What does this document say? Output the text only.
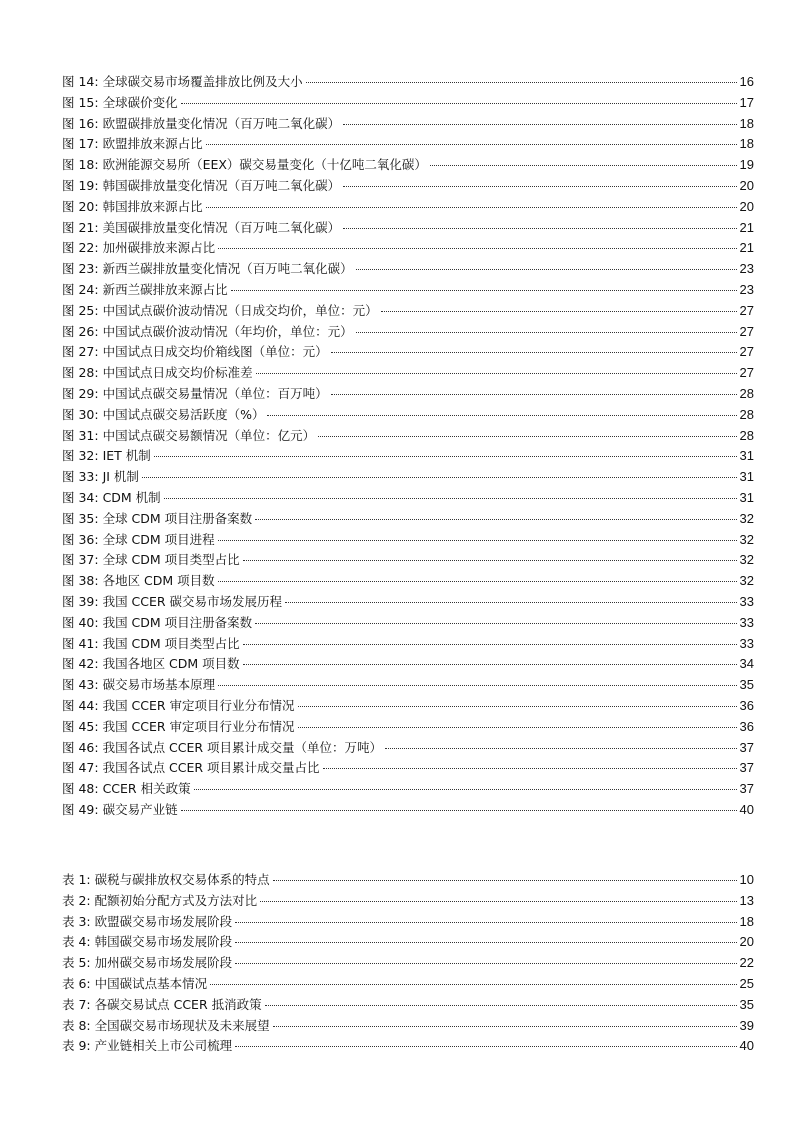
图 14: 全球碳交易市场覆盖排放比例及大小	16
图 15: 全球碳价变化	17
图 16: 欧盟碳排放量变化情况（百万吨二氧化碳）	18
图 17: 欧盟排放来源占比	18
图 18: 欧洲能源交易所（EEX）碳交易量变化（十亿吨二氧化碳）	19
图 19: 韩国碳排放量变化情况（百万吨二氧化碳）	20
图 20: 韩国排放来源占比	20
图 21: 美国碳排放量变化情况（百万吨二氧化碳）	21
图 22: 加州碳排放来源占比	21
图 23: 新西兰碳排放量变化情况（百万吨二氧化碳）	23
图 24: 新西兰碳排放来源占比	23
图 25: 中国试点碳价波动情况（日成交均价，单位：元）	27
图 26: 中国试点碳价波动情况（年均价，单位：元）	27
图 27: 中国试点日成交均价箱线图（单位：元）	27
图 28: 中国试点日成交均价标准差	27
图 29: 中国试点碳交易量情况（单位：百万吨）	28
图 30: 中国试点碳交易活跃度（%）	28
图 31: 中国试点碳交易额情况（单位：亿元）	28
图 32: IET 机制	31
图 33: JI 机制	31
图 34: CDM 机制	31
图 35: 全球 CDM 项目注册备案数	32
图 36: 全球 CDM 项目进程	32
图 37: 全球 CDM 项目类型占比	32
图 38: 各地区 CDM 项目数	32
图 39: 我国 CCER 碳交易市场发展历程	33
图 40: 我国 CDM 项目注册备案数	33
图 41: 我国 CDM 项目类型占比	33
图 42: 我国各地区 CDM 项目数	34
图 43: 碳交易市场基本原理	35
图 44: 我国 CCER 审定项目行业分布情况	36
图 45: 我国 CCER 审定项目行业分布情况	36
图 46: 我国各试点 CCER 项目累计成交量（单位：万吨）	37
图 47: 我国各试点 CCER 项目累计成交量占比	37
图 48: CCER 相关政策	37
图 49: 碳交易产业链	40
表 1: 碳税与碳排放权交易体系的特点	10
表 2: 配额初始分配方式及方法对比	13
表 3: 欧盟碳交易市场发展阶段	18
表 4: 韩国碳交易市场发展阶段	20
表 5: 加州碳交易市场发展阶段	22
表 6: 中国碳试点基本情况	25
表 7: 各碳交易试点 CCER 抵消政策	35
表 8: 全国碳交易市场现状及未来展望	39
表 9: 产业链相关上市公司梳理	40
